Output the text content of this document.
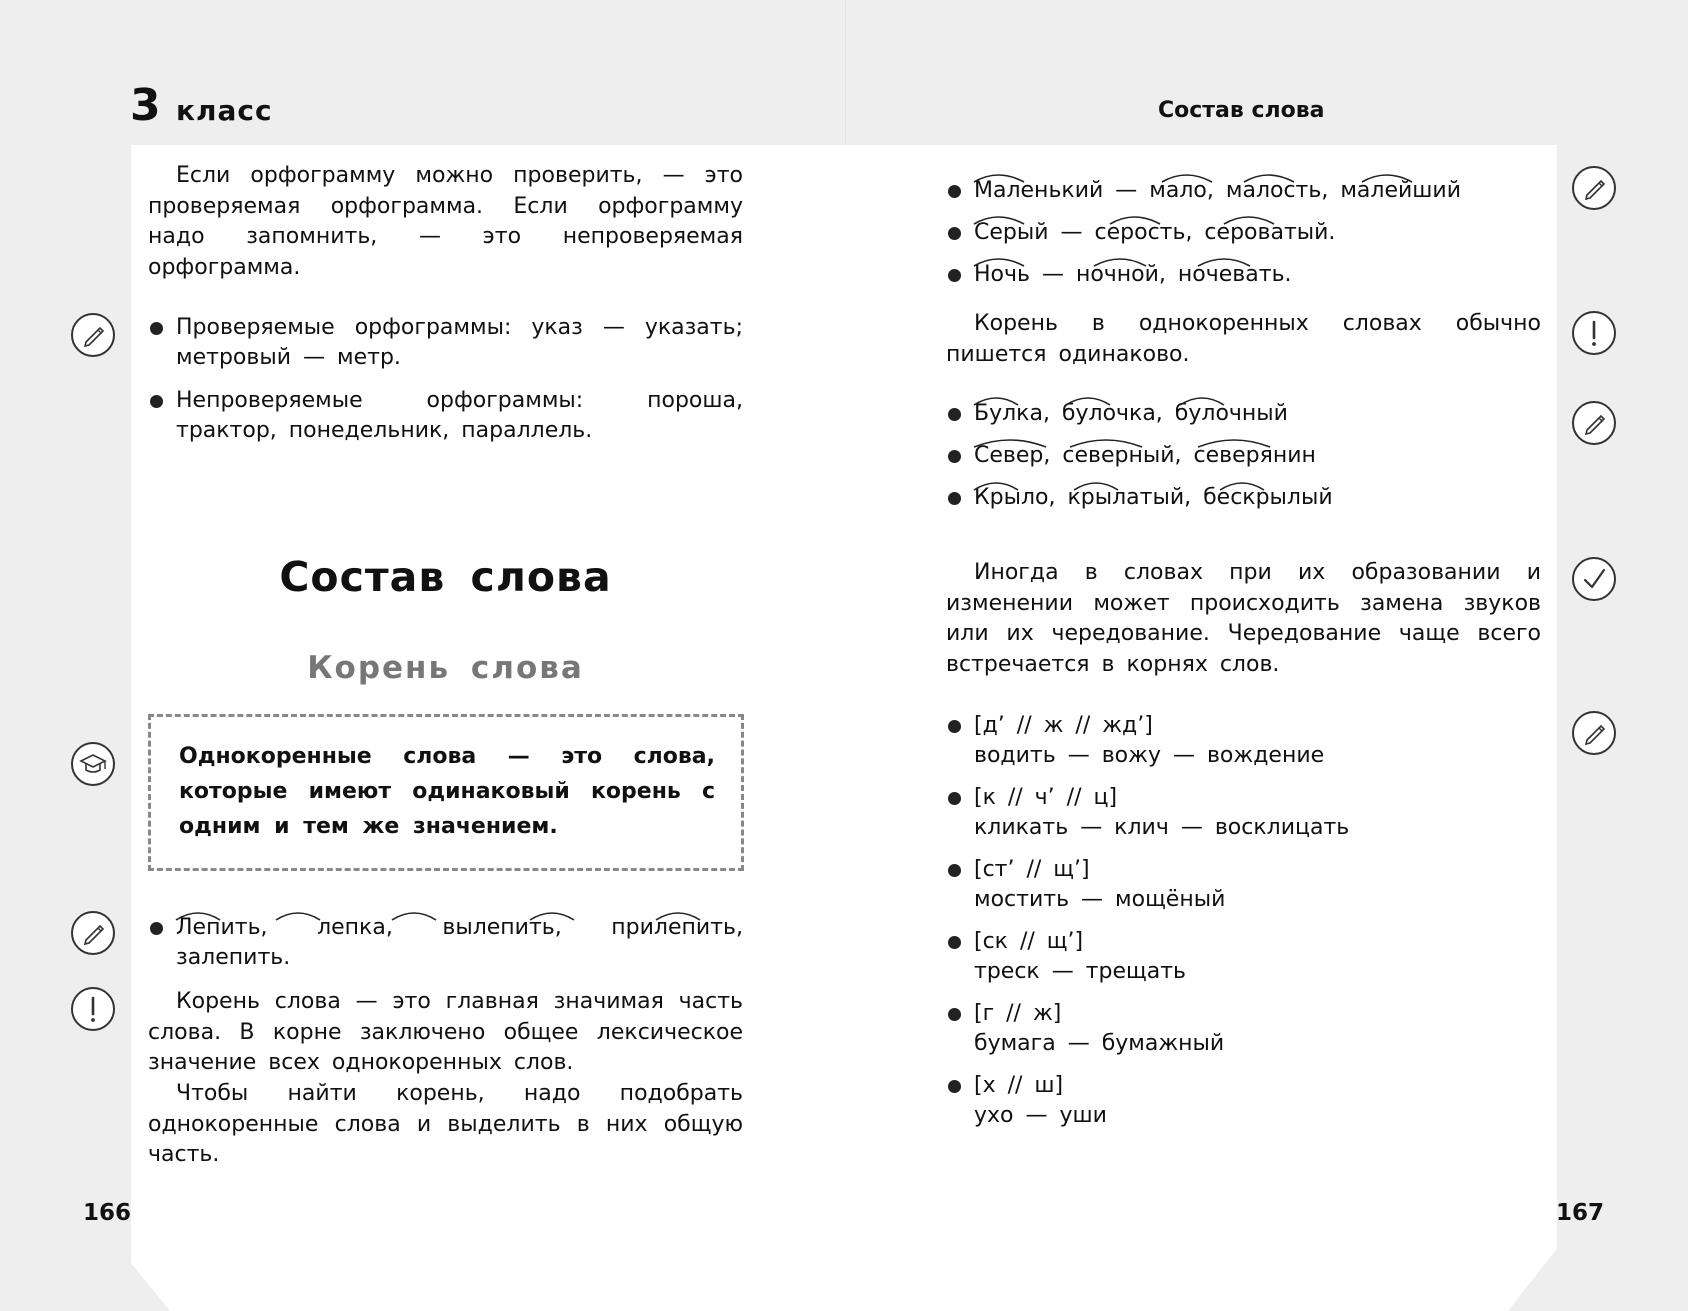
3 класс
Если орфограмму можно проверить, — это проверяемая орфограмма. Если орфограмму надо запомнить, — это непроверяемая орфограмма.
Проверяемые орфограммы: указ — указать; метровый — метр.
Непроверяемые орфограммы: пороша, трактор, понедельник, параллель.
Состав слова
Корень слова
Однокоренные слова — это слова, которые имеют одинаковый корень с одним и тем же значением.
Лепить, лепка, вылепить, прилепить, залепить.
Корень слова — это главная значимая часть слова. В корне заключено общее лексическое значение всех однокоренных слов.
Чтобы найти корень, надо подобрать однокоренные слова и выделить в них общую часть.
166
Состав слова
Маленький — мало, малость, малейший
Серый — серость, сероватый.
Ночь — ночной, ночевать.
Корень в однокоренных словах обычно пишется одинаково.
Булка, булочка, булочный
Север, северный, северянин
Крыло, крылатый, бескрылый
Иногда в словах при их образовании и изменении может происходить замена звуков или их чередование. Чередование чаще всего встречается в корнях слов.
[д’ // ж // жд’]
водить — вожу — вождение
[к // ч’ // ц]
кликать — клич — восклицать
[ст’ // щ’]
мостить — мощёный
[ск // щ’]
треск — трещать
[г // ж]
бумага — бумажный
[х // ш]
ухо — уши
167
